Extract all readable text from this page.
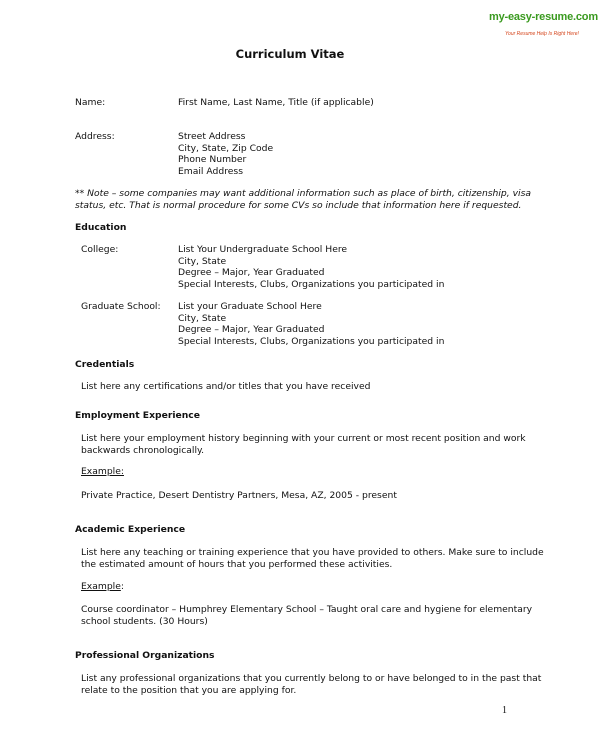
my-easy-resume.com
Your Resume Help Is Right Here!
Curriculum Vitae
Name:	First Name, Last Name, Title (if applicable)
Address:	Street Address
City, State, Zip Code
Phone Number
Email Address
** Note – some companies may want additional information such as place of birth, citizenship, visa
status, etc. That is normal procedure for some CVs so include that information here if requested.
Education
College:	List Your Undergraduate School Here
City, State
Degree – Major, Year Graduated
Special Interests, Clubs, Organizations you participated in
Graduate School: List your Graduate School Here
City, State
Degree – Major, Year Graduated
Special Interests, Clubs, Organizations you participated in
Credentials
List here any certifications and/or titles that you have received
Employment Experience
List here your employment history beginning with your current or most recent position and work
backwards chronologically.
Example:
Private Practice, Desert Dentistry Partners, Mesa, AZ, 2005 - present
Academic Experience
List here any teaching or training experience that you have provided to others. Make sure to include
the estimated amount of hours that you performed these activities.
Example:
Course coordinator – Humphrey Elementary School – Taught oral care and hygiene for elementary
school students. (30 Hours)
Professional Organizations
List any professional organizations that you currently belong to or have belonged to in the past that
relate to the position that you are applying for.
1
